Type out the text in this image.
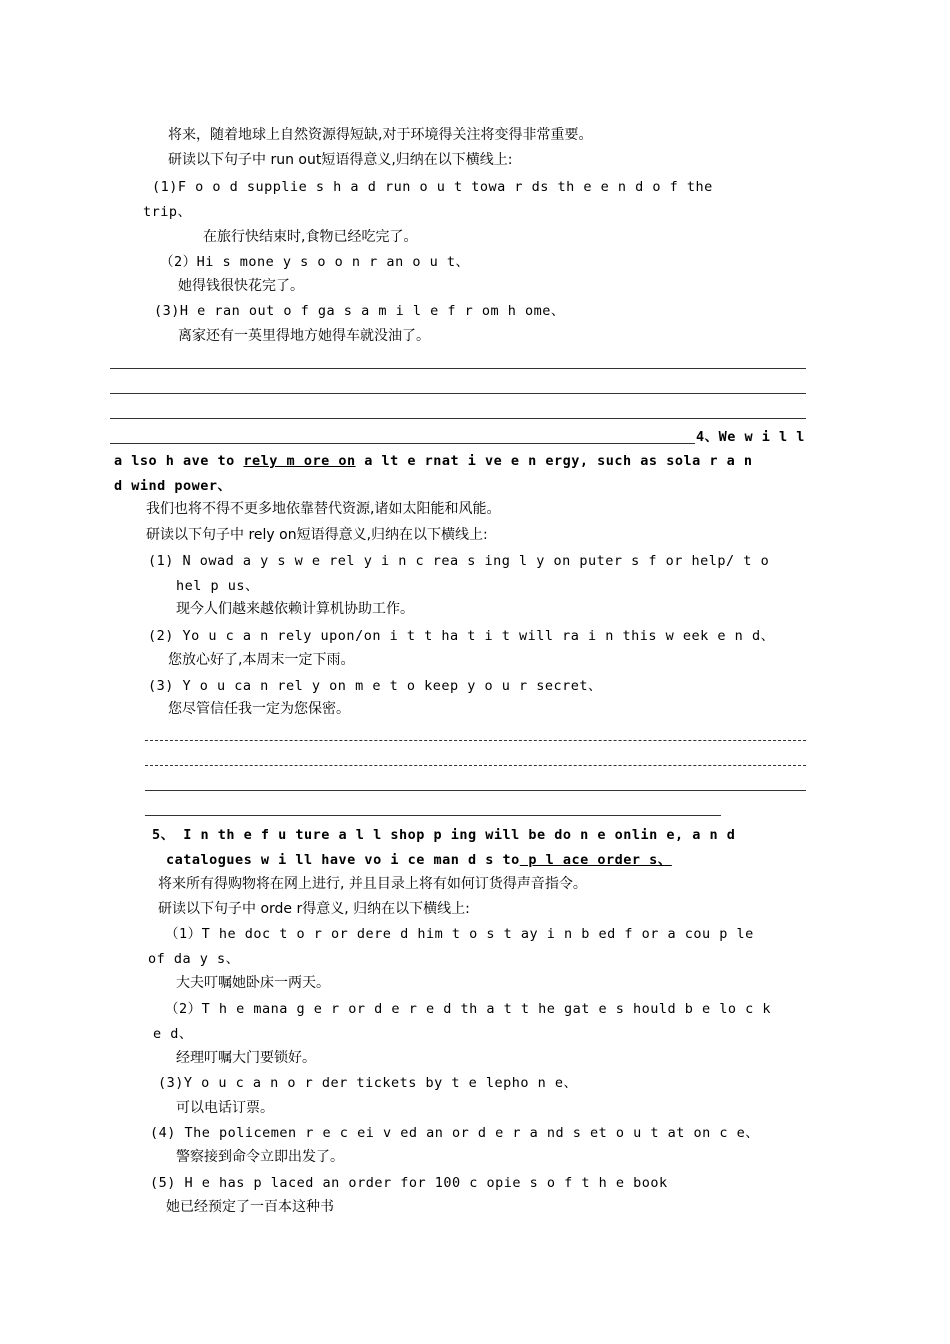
将来，随着地球上自然资源得短缺,对于环境得关注将变得非常重要。
研读以下句子中 run out短语得意义,归纳在以下横线上:
(1)F o o d supplie s h a d run o u t towa r ds th e e n d o f the
trip、
在旅行快结束时,食物已经吃完了。
（2）Hi s mone y s o o n r an o u t、
她得钱很快花完了。
(3)H e ran out o f ga s a m i l e f r om h ome、
离家还有一英里得地方她得车就没油了。
4、We w i l l
a lso h ave to rely m ore on a lt e rnat i ve e n ergy, such as sola r a n
d wind power、
我们也将不得不更多地依靠替代资源,诸如太阳能和风能。
研读以下句子中 rely on短语得意义,归纳在以下横线上:
(1) N owad a y s w e rel y i n c rea s ing l y on puter s f or help/ t o
hel p us、
现今人们越来越依赖计算机协助工作。
(2) Yo u c a n rely upon/on i t t ha t i t will ra i n this w eek e n d、
您放心好了,本周末一定下雨。
(3) Y o u ca n rel y on m e t o keep y o u r secret、
您尽管信任我一定为您保密。
5、 I n th e f u ture a l l shop p ing will be do n e onlin e, a n d
catalogues w i ll have vo i ce man d s to p l ace order s、
将来所有得购物将在网上进行, 并且目录上将有如何订货得声音指令。
研读以下句子中 orde r得意义, 归纳在以下横线上:
（1）T he doc t o r or dere d him t o s t ay i n b ed f or a cou p le
of da y s、
大夫叮嘱她卧床一两天。
（2）T h e mana g e r or d e r e d th a t t he gat e s hould b e lo c k
e d、
经理叮嘱大门要锁好。
(3)Y o u c a n o r der tickets by t e lepho n e、
可以电话订票。
(4) The policemen r e c ei v ed an or d e r a nd s et o u t at on c e、
警察接到命令立即出发了。
(5) H e has p laced an order for 100 c opie s o f t h e book
她已经预定了一百本这种书
